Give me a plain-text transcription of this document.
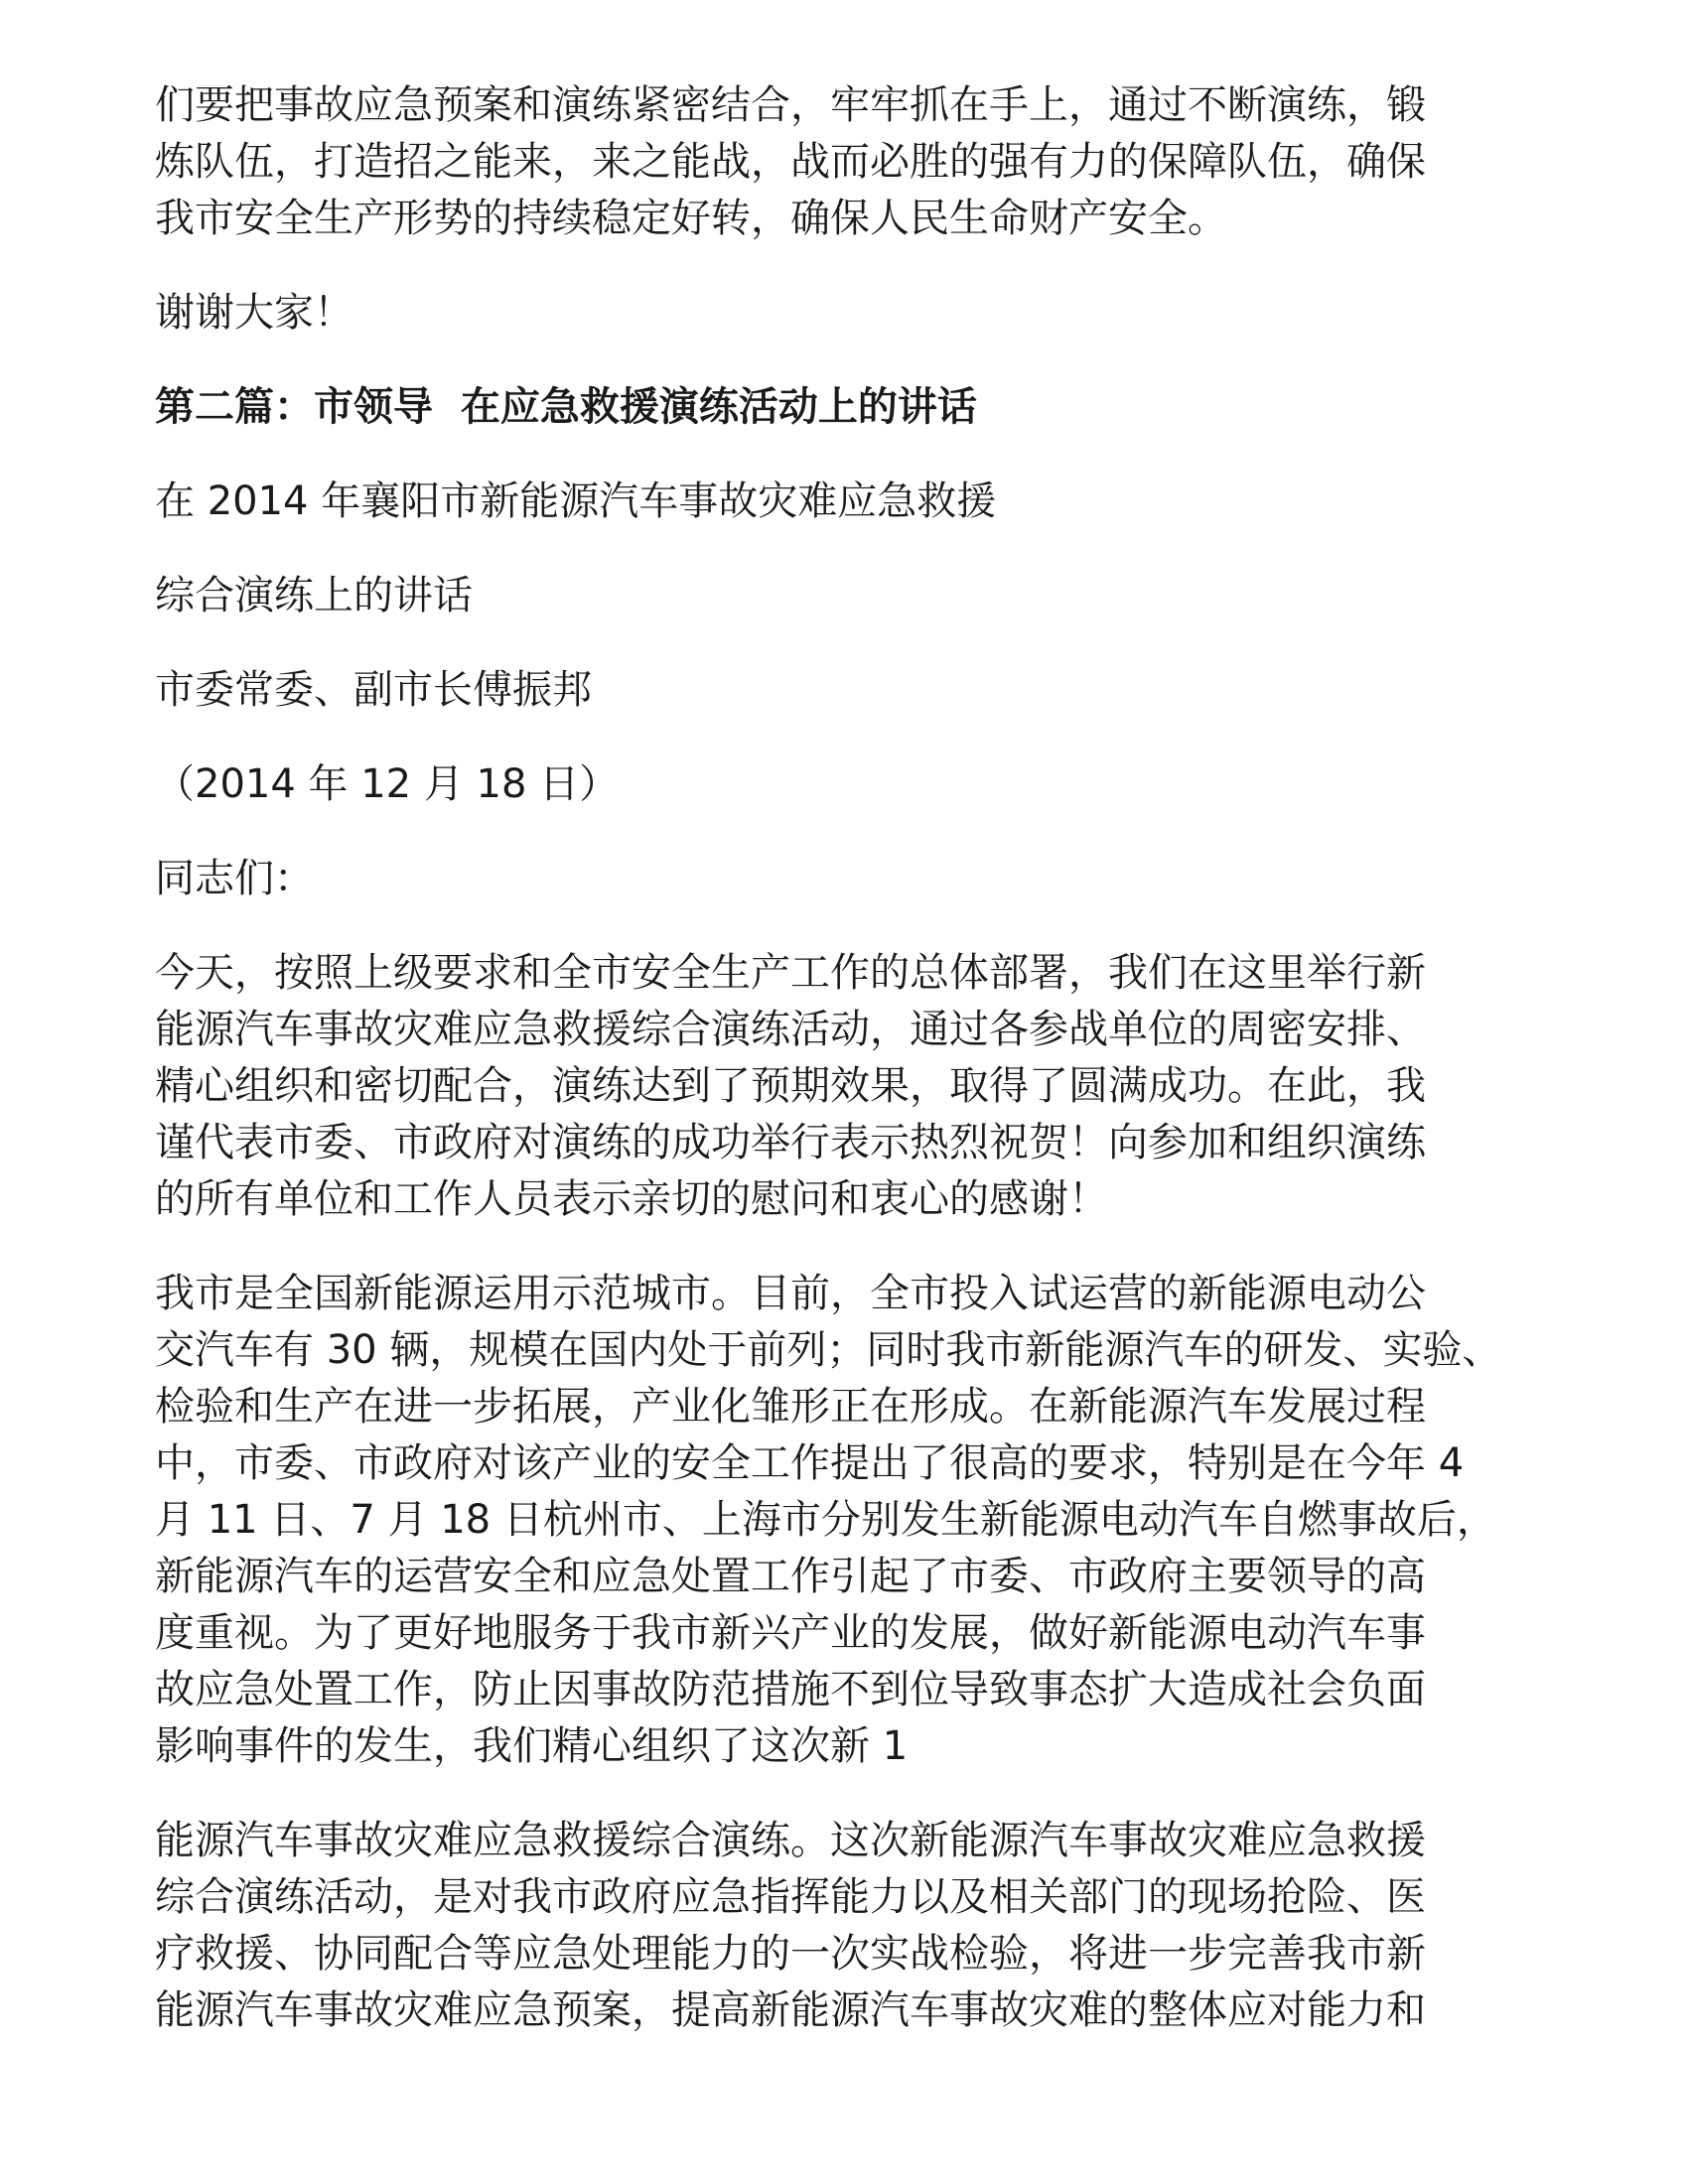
们要把事故应急预案和演练紧密结合，牢牢抓在手上，通过不断演练，锻
炼队伍，打造招之能来，来之能战，战而必胜的强有力的保障队伍，确保
我市安全生产形势的持续稳定好转，确保人民生命财产安全。

谢谢大家！

第二篇：市领导  在应急救援演练活动上的讲话

在 2014 年襄阳市新能源汽车事故灾难应急救援

综合演练上的讲话

市委常委、副市长傅振邦

（2014 年 12 月 18 日）

同志们：

今天，按照上级要求和全市安全生产工作的总体部署，我们在这里举行新
能源汽车事故灾难应急救援综合演练活动，通过各参战单位的周密安排、
精心组织和密切配合，演练达到了预期效果，取得了圆满成功。在此，我
谨代表市委、市政府对演练的成功举行表示热烈祝贺！向参加和组织演练
的所有单位和工作人员表示亲切的慰问和衷心的感谢！

我市是全国新能源运用示范城市。目前，全市投入试运营的新能源电动公
交汽车有 30 辆，规模在国内处于前列；同时我市新能源汽车的研发、实验、
检验和生产在进一步拓展，产业化雏形正在形成。在新能源汽车发展过程
中，市委、市政府对该产业的安全工作提出了很高的要求，特别是在今年 4
月 11 日、7 月 18 日杭州市、上海市分别发生新能源电动汽车自燃事故后，
新能源汽车的运营安全和应急处置工作引起了市委、市政府主要领导的高
度重视。为了更好地服务于我市新兴产业的发展，做好新能源电动汽车事
故应急处置工作，防止因事故防范措施不到位导致事态扩大造成社会负面
影响事件的发生，我们精心组织了这次新 1

能源汽车事故灾难应急救援综合演练。这次新能源汽车事故灾难应急救援
综合演练活动，是对我市政府应急指挥能力以及相关部门的现场抢险、医
疗救援、协同配合等应急处理能力的一次实战检验，将进一步完善我市新
能源汽车事故灾难应急预案，提高新能源汽车事故灾难的整体应对能力和
